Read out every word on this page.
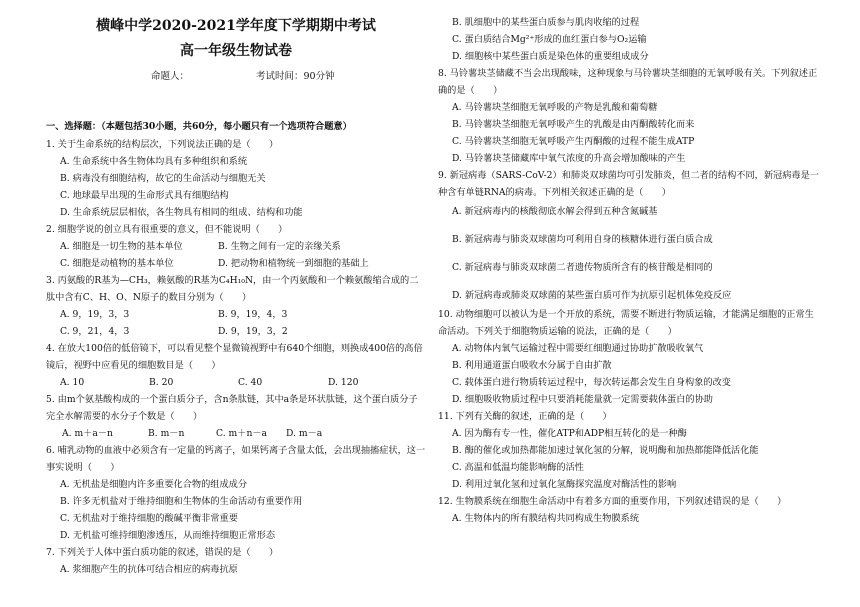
横峰中学2020-2021学年度下学期期中考试
高一年级生物试卷
命题人：	考试时间：90分钟
一、选择题：（本题包括30小题，共60分，每小题只有一个选项符合题意）
1. 关于生命系统的结构层次，下列说法正确的是（　　）
A. 生命系统中各生物体均具有多种组织和系统
B. 病毒没有细胞结构，故它的生命活动与细胞无关
C. 地球最早出现的生命形式具有细胞结构
D. 生命系统层层相依，各生物具有相同的组成、结构和功能
2. 细胞学说的创立具有很重要的意义，但不能说明（　　）
A. 细胞是一切生物的基本单位	B. 生物之间有一定的亲缘关系
C. 细胞是动植物的基本单位	D. 把动物和植物统一到细胞的基础上
3. 丙氨酸的R基为—CH₃，赖氨酸的R基为C₄H₁₀N，由一个丙氨酸和一个赖氨酸缩合成的二
肽中含有C、H、O、N原子的数目分别为（　　）
A. 9，19，3，3	B. 9，19，4，3
C. 9，21，4，3	D. 9，19，3，2
4. 在放大100倍的低倍镜下，可以看见整个显微镜视野中有640个细胞，则换成400倍的高倍
镜后，视野中应看见的细胞数目是（　　）
A. 10	B. 20	C. 40	D. 120
5. 由m个氨基酸构成的一个蛋白质分子，含n条肽链，其中a条是环状肽链，这个蛋白质分子
完全水解需要的水分子个数是（　　）
A. m＋a－n	B. m－n	C. m＋n－a D. m－a
6. 哺乳动物的血液中必须含有一定量的钙离子，如果钙离子含量太低，会出现抽搐症状，这一
事实说明（　　）
A. 无机盐是细胞内许多重要化合物的组成成分
B. 许多无机盐对于维持细胞和生物体的生命活动有重要作用
C. 无机盐对于维持细胞的酸碱平衡非常重要
D. 无机盐可维持细胞渗透压，从而维持细胞正常形态
7. 下列关于人体中蛋白质功能的叙述，错误的是（　　）
A. 浆细胞产生的抗体可结合相应的病毒抗原
B. 肌细胞中的某些蛋白质参与肌肉收缩的过程
C. 蛋白质结合Mg²⁺形成的血红蛋白参与O₂运输
D. 细胞核中某些蛋白质是染色体的重要组成成分
8. 马铃薯块茎储藏不当会出现酸味，这种现象与马铃薯块茎细胞的无氧呼吸有关。下列叙述正
确的是（　　）
A. 马铃薯块茎细胞无氧呼吸的产物是乳酸和葡萄糖
B. 马铃薯块茎细胞无氧呼吸产生的乳酸是由丙酮酸转化而来
C. 马铃薯块茎细胞无氧呼吸产生丙酮酸的过程不能生成ATP
D. 马铃薯块茎储藏库中氧气浓度的升高会增加酸味的产生
9. 新冠病毒（SARS-CoV-2）和肺炎双球菌均可引发肺炎，但二者的结构不同，新冠病毒是一
种含有单链RNA的病毒。下列相关叙述正确的是（　　）
A. 新冠病毒内的核酸彻底水解会得到五种含氮碱基
B. 新冠病毒与肺炎双球菌均可利用自身的核糖体进行蛋白质合成
C. 新冠病毒与肺炎双球菌二者遗传物质所含有的核苷酸是相同的
D. 新冠病毒或肺炎双球菌的某些蛋白质可作为抗原引起机体免疫反应
10. 动物细胞可以被认为是一个开放的系统，需要不断进行物质运输，才能满足细胞的正常生
命活动。下列关于细胞物质运输的说法，正确的是（　　）
A. 动物体内氧气运输过程中需要红细胞通过协助扩散吸收氧气
B. 利用通道蛋白吸收水分属于自由扩散
C. 载体蛋白进行物质转运过程中，每次转运都会发生自身构象的改变
D. 细胞吸收物质过程中只要消耗能量就一定需要载体蛋白的协助
11. 下列有关酶的叙述，正确的是（　　）
A. 因为酶有专一性，催化ATP和ADP相互转化的是一种酶
B. 酶的催化或加热都能加速过氧化氢的分解，说明酶和加热都能降低活化能
C. 高温和低温均能影响酶的活性
D. 利用过氧化氢和过氧化氢酶探究温度对酶活性的影响
12. 生物膜系统在细胞生命活动中有着多方面的重要作用，下列叙述错误的是（　　）
A. 生物体内的所有膜结构共同构成生物膜系统
